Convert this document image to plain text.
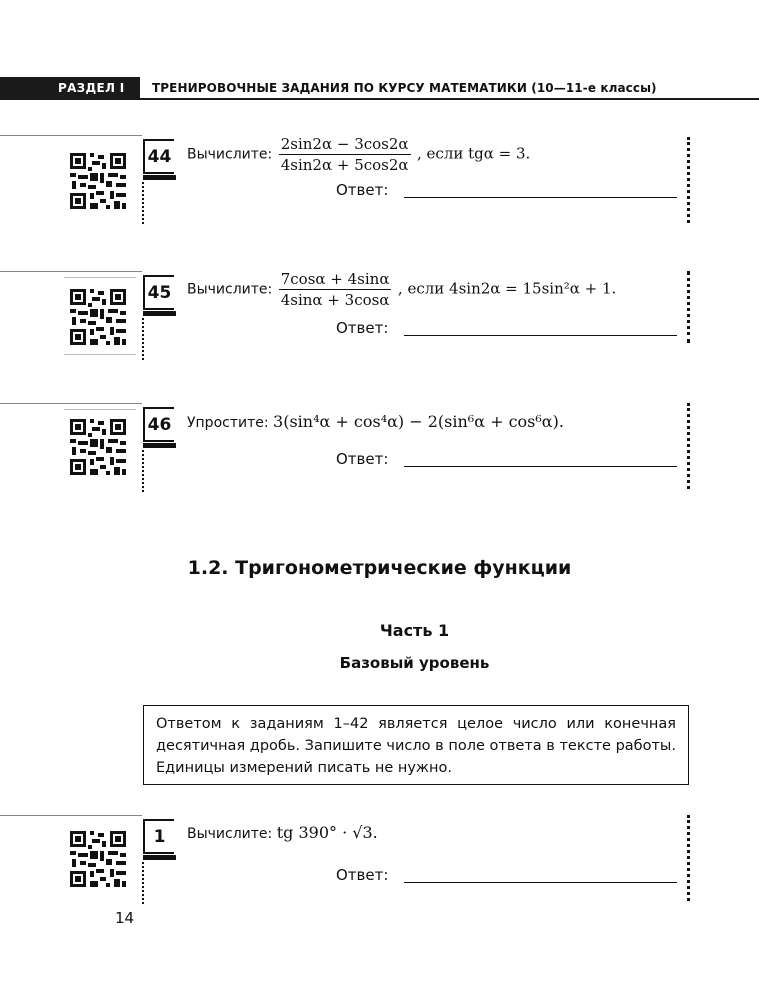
РАЗДЕЛ I	ТРЕНИРОВОЧНЫЕ ЗАДАНИЯ ПО КУРСУ МАТЕМАТИКИ (10—11-е классы)
44 Вычислите: $\frac{2\sin 2\alpha - 3\cos 2\alpha}{4\sin 2\alpha + 5\cos 2\alpha}$ , если tgα = 3.
Ответ:
45 Вычислите: $\frac{7\cos\alpha + 4\sin\alpha}{4\sin\alpha + 3\cos\alpha}$ , если 4sin2α = 15sin²α + 1.
Ответ:
46 Упростите: 3(sin⁴α + cos⁴α) − 2(sin⁶α + cos⁶α).
Ответ:
1.2. Тригонометрические функции
Часть 1
Базовый уровень
Ответом к заданиям 1–42 является целое число или конечная десятичная дробь. Запишите число в поле ответа в тексте работы. Единицы измерений писать не нужно.
1	Вычислите: tg 390° · √3.
Ответ:
14
